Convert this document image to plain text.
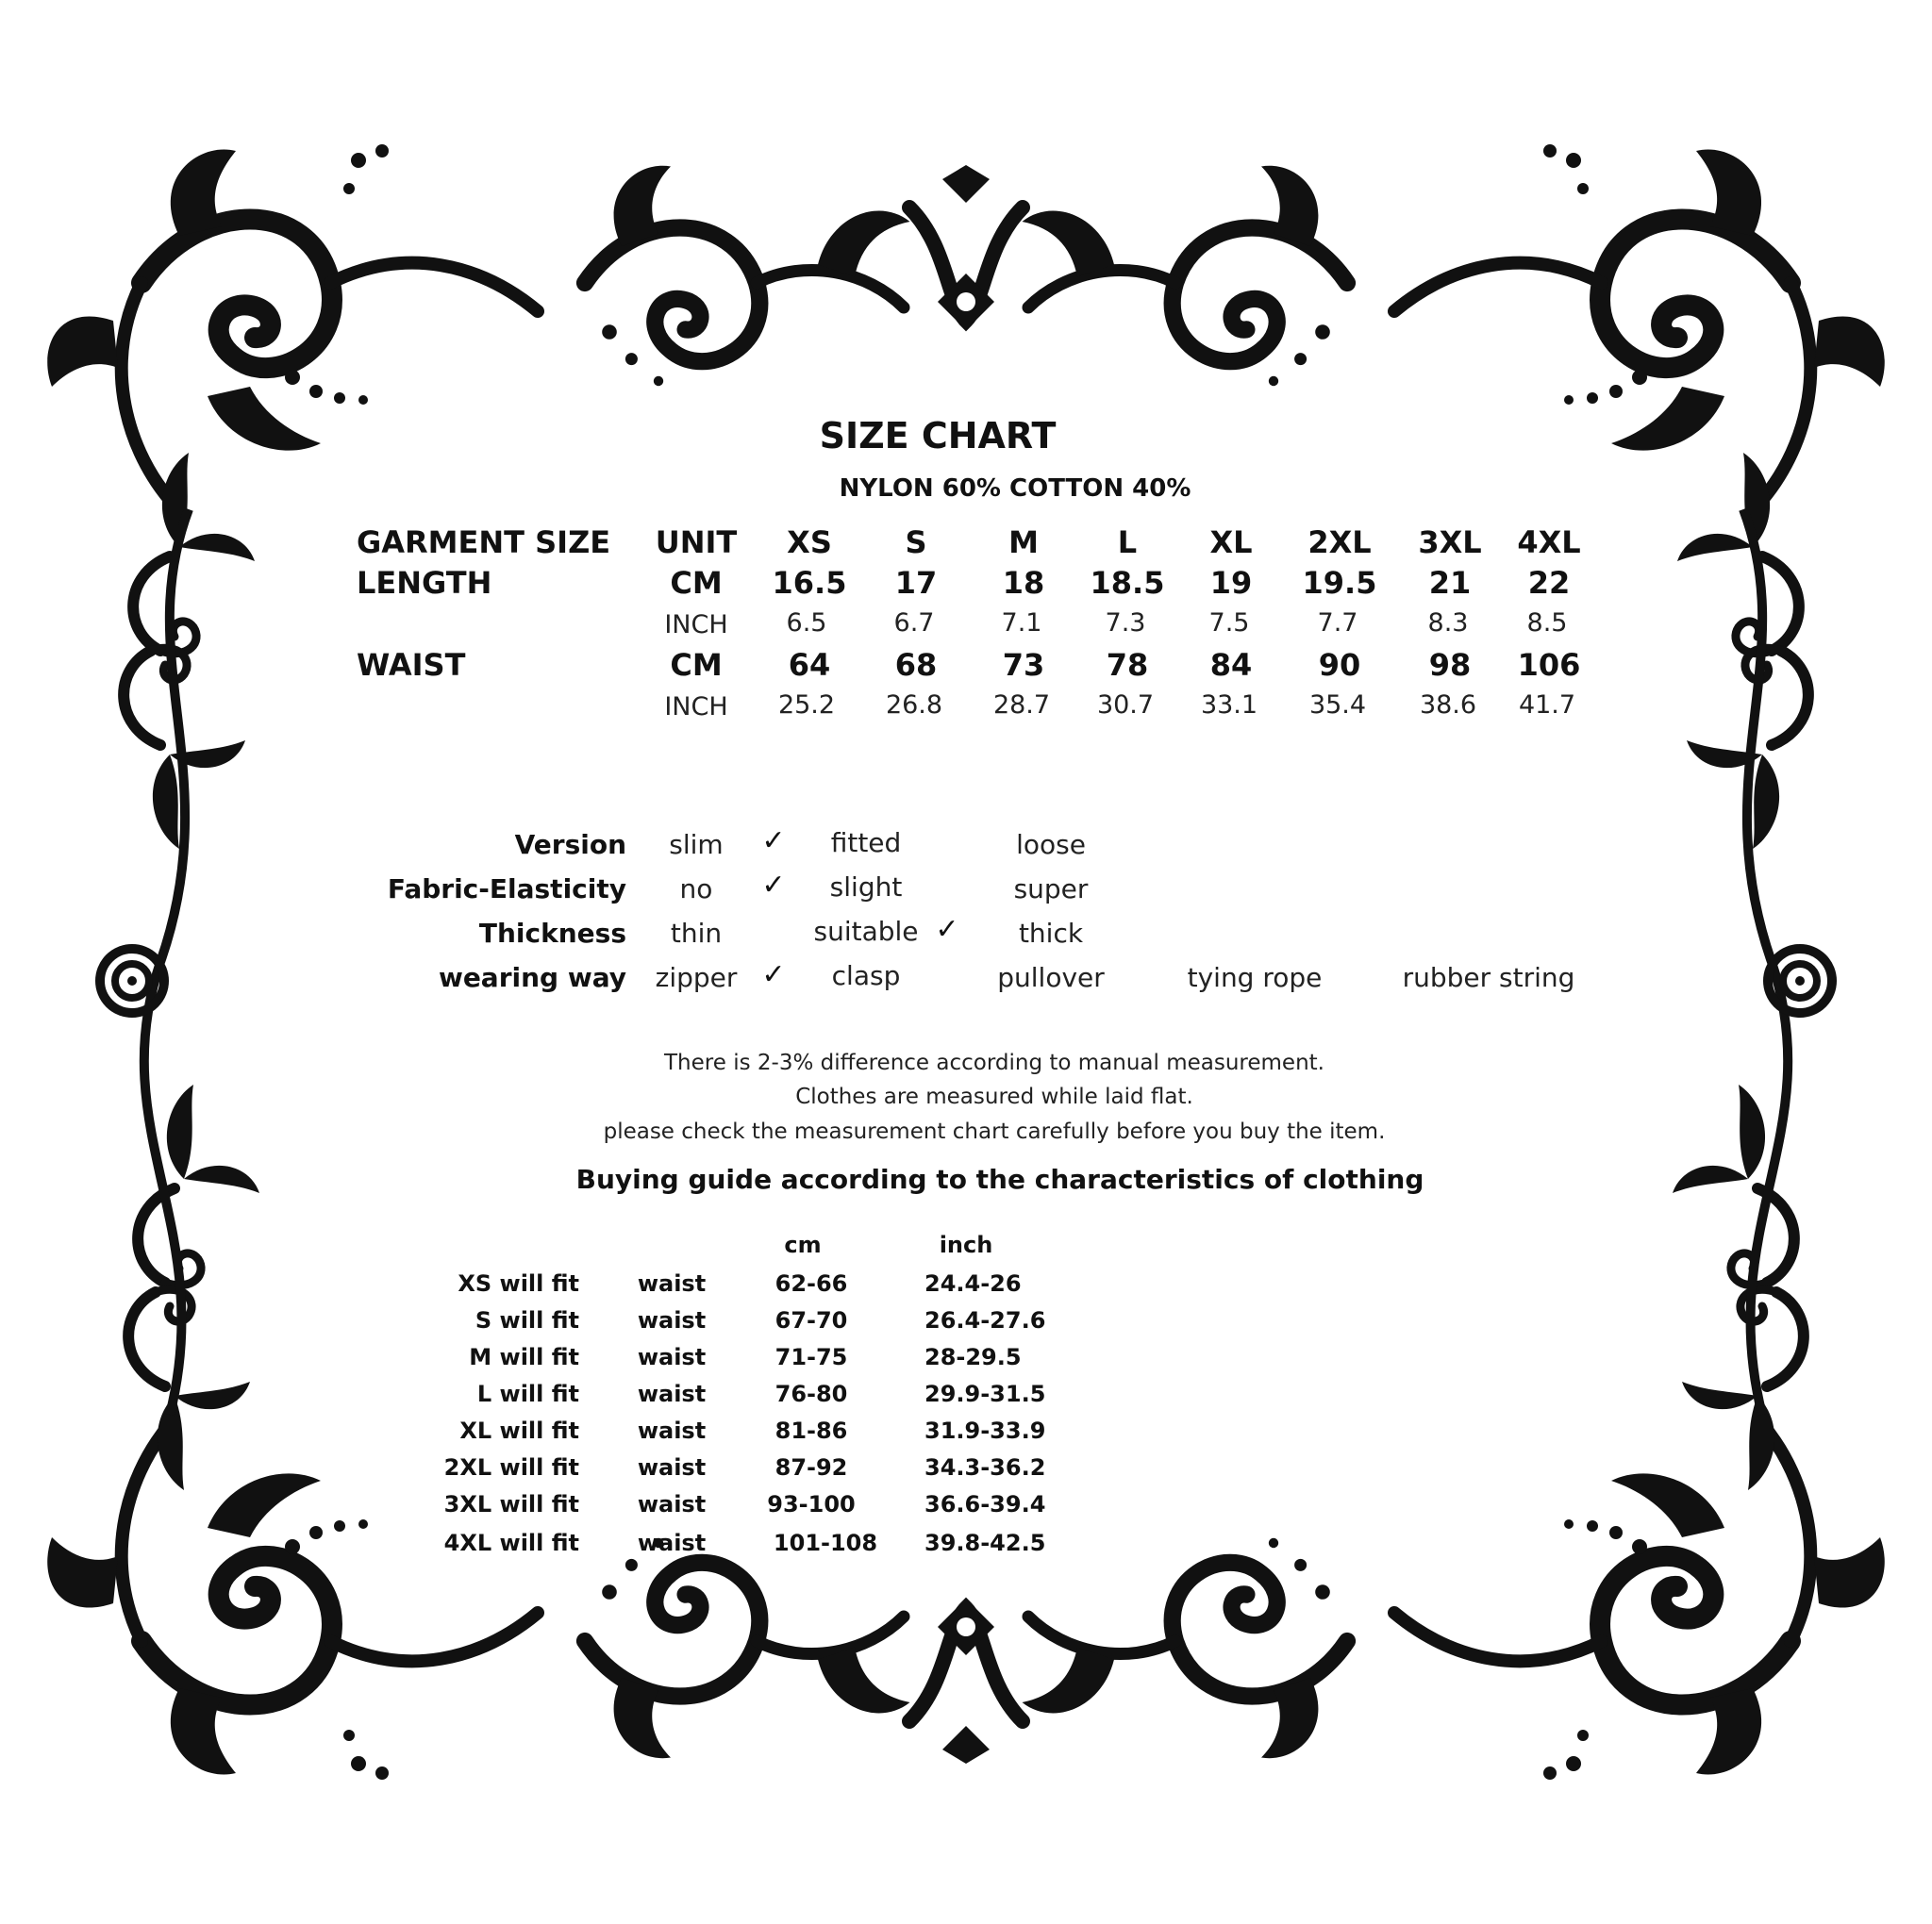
SIZE CHART
NYLON 60% COTTON 40%
GARMENT SIZE UNIT XS S	M	L XL 2XL 3XL 4XL
LENGTH	CM 16.5 17 18 18.5 19 19.5 21 22
INCH 6.5	6.7	7.1 7.3 7.5	7.7	8.3 8.5
WAIST	CM 64 68 73 78 84 90 98 106
INCH 25.2 26.8 28.7 30.7 33.1 35.4 38.6 41.7
Version slim ✓ fitted	loose
Fabric-Elasticity no ✓ slight	super
Thickness thin	suitable ✓ thick
wearing way zipper ✓ clasp	pullover	tying rope	rubber string
There is 2-3% difference according to manual measurement.
Clothes are measured while laid flat.
please check the measurement chart carefully before you buy the item.
Buying guide according to the characteristics of clothing
cm	inch
XS will fit	waist	62-66	24.4-26
S will fit	waist	67-70	26.4-27.6
M will fit	waist	71-75	28-29.5
L will fit	waist	76-80	29.9-31.5
XL will fit	waist	81-86	31.9-33.9
2XL will fit	waist	87-92	34.3-36.2
3XL will fit	waist	93-100	36.6-39.4
4XL will fit	waist	101-108 39.8-42.5
